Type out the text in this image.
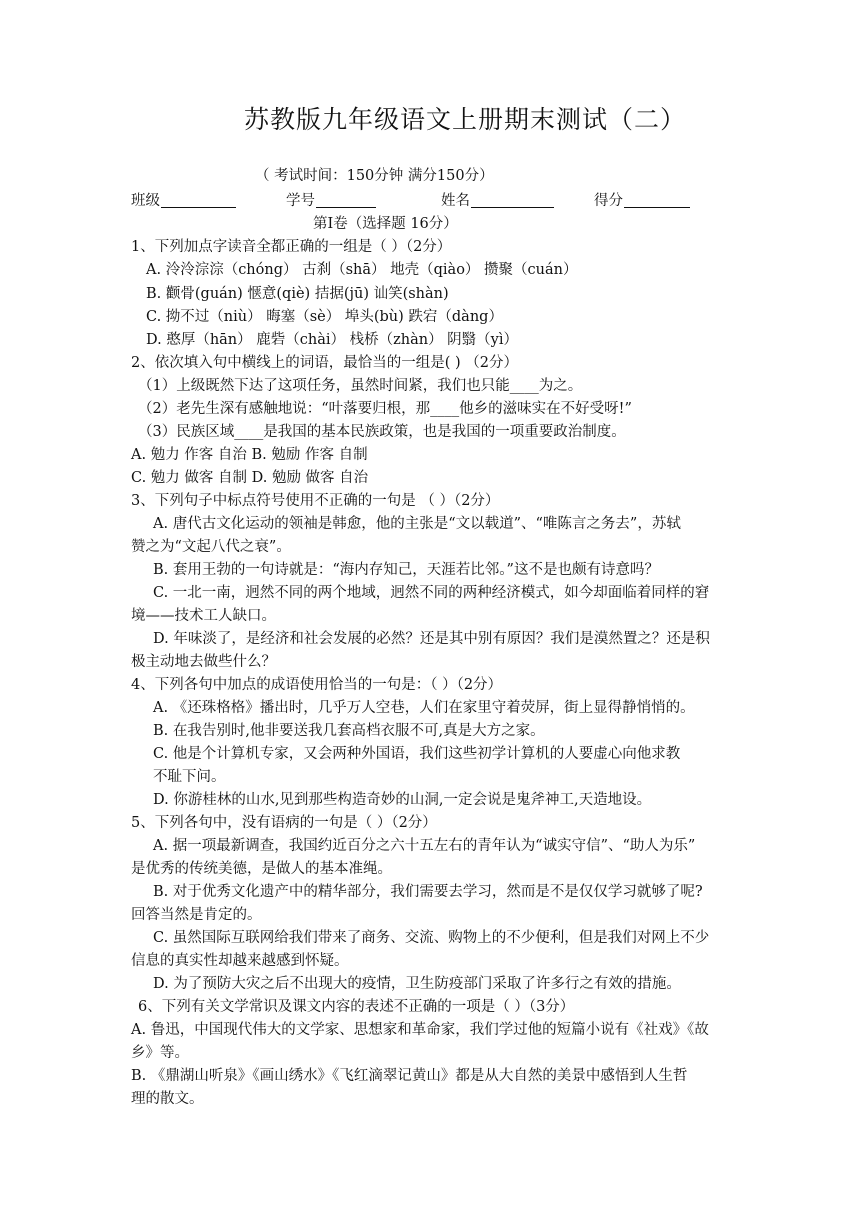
苏教版九年级语文上册期末测试（二）
（ 考试时间：150分钟 满分150分）
班级	学号	姓名	得分
第Ⅰ卷（选择题 16分）
1、下列加点字读音全都正确的一组是（ ）（2分）
A. 泠泠淙淙（chóng） 古刹（shā） 地壳（qiào） 攒聚（cuán）
B. 颧骨(guán) 惬意(qiè) 拮据(jū) 讪笑(shàn)
C. 拗不过（niù） 晦塞（sè） 埠头(bù) 跌宕（dàng）
D. 憨厚（hān） 鹿砦（chài） 栈桥（zhàn） 阴翳（yì）
2、依次填入句中横线上的词语，最恰当的一组是( ) （2分）
（1）上级既然下达了这项任务，虽然时间紧，我们也只能____为之。
（2）老先生深有感触地说：“叶落要归根，那____他乡的滋味实在不好受呀!”
（3）民族区域____是我国的基本民族政策，也是我国的一项重要政治制度。
A. 勉力 作客 自治 B. 勉励 作客 自制
C. 勉力 做客 自制 D. 勉励 做客 自治
3、下列句子中标点符号使用不正确的一句是 （ ）（2分）
A. 唐代古文化运动的领袖是韩愈，他的主张是“文以载道”、“唯陈言之务去”，苏轼
赞之为“文起八代之衰”。
B. 套用王勃的一句诗就是：“海内存知己，天涯若比邻。”这不是也颇有诗意吗？
C. 一北一南，迥然不同的两个地域，迥然不同的两种经济模式，如今却面临着同样的窘
境——技术工人缺口。
D. 年味淡了，是经济和社会发展的必然？还是其中别有原因？我们是漠然置之？还是积
极主动地去做些什么？
4、下列各句中加点的成语使用恰当的一句是：（ ）（2分）
A. 《还珠格格》播出时，几乎万人空巷，人们在家里守着荧屏，街上显得静悄悄的。
B. 在我告别时,他非要送我几套高档衣服不可,真是大方之家。
C. 他是个计算机专家，又会两种外国语，我们这些初学计算机的人要虚心向他求教
不耻下问。
D. 你游桂林的山水,见到那些构造奇妙的山洞,一定会说是鬼斧神工,天造地设。
5、下列各句中，没有语病的一句是（ ）（2分）
A. 据一项最新调查，我国约近百分之六十五左右的青年认为“诚实守信”、“助人为乐”
是优秀的传统美德，是做人的基本准绳。
B. 对于优秀文化遗产中的精华部分，我们需要去学习，然而是不是仅仅学习就够了呢?
回答当然是肯定的。
C. 虽然国际互联网给我们带来了商务、交流、购物上的不少便利，但是我们对网上不少
信息的真实性却越来越感到怀疑。
D. 为了预防大灾之后不出现大的疫情，卫生防疫部门采取了许多行之有效的措施。
6、下列有关文学常识及课文内容的表述不正确的一项是（ ）（3分）
A. 鲁迅，中国现代伟大的文学家、思想家和革命家，我们学过他的短篇小说有《社戏》《故
乡》等。
B. 《鼎湖山听泉》《画山绣水》《飞红滴翠记黄山》都是从大自然的美景中感悟到人生哲
理的散文。
